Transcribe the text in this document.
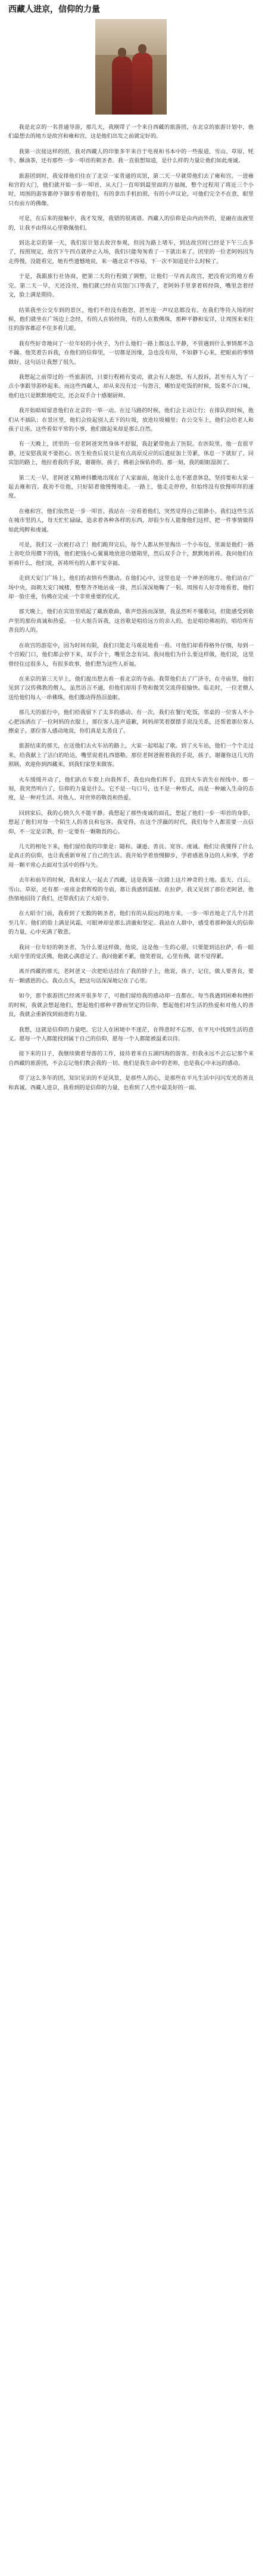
西藏人进京，信仰的力量

我是北京的一名普通导游，那几天，我刚带了一个来自西藏的旅游团，在北京的旅游计划中，他们最想去的地方是故宫和雍和宫，这是他们出发之前就定好的。

我第一次接这样的团，我对西藏人的印象多半来自于电视和书本中的一些报道，雪山、草原、牦牛、酥油茶，还有那些一步一叩首的朝圣者。我一直很想知道，是什么样的力量让他们如此虔诚。

旅游团到时，我安排他们住在了北京一家普通的宾馆，第二天一早就带他们去了雍和宫。一进雍和宫的大门，他们就开始一步一叩首，从大门一直叩到最里面的万福阁，整个过程用了将近三个小时，周围的游客都停下脚步看着他们，有的拿出手机拍照，有的小声议论，可他们完全不在意，眼里只有前方的佛像。

可是，在后来的接触中，我才发现，我错的很离谱。西藏人的信仰是由内而外的，是融在血液里的，让我不由得从心里敬佩他们。

到达北京的第一天，我们原计划去故宫参观，但因为路上堵车，到达故宫时已经是下午三点多了，按照规定，故宫下午四点就停止入场，我们只能匆匆看了一下就出来了。团里的一位老阿妈因为走得慢，没能看完，她有些遗憾地说，来一趟北京不容易，下一次不知道是什么时候了。

于是，我跟旅行社协商，把第二天的行程做了调整，让他们一早再去故宫，把没看完的地方看完。第二天一早，天还没亮，他们就已经在宾馆门口等我了，老阿妈手里拿着转经筒，嘴里念着经文，脸上满是期待。

结果我坐公交车到的景区，他们不但没有抱怨，甚至连一声叹息都没有。在我们等待入场的时候，他们就坐在广场边上念经，有的人在转经筒，有的人在数佛珠，那种平静和安详，让周围来来往往的游客都忍不住多看几眼。

我有些好奇地问了一位年轻的小伙子，为什么他们一路上都这么平静，不管遇到什么事情都不急不躁。他笑着告诉我，在他们的信仰里，一切都是因缘，急也没有用，不如静下心来，把眼前的事情做好。这句话让我想了很久。

我想起之前带过的一些旅游团，只要行程稍有变动，就会有人抱怨，有人投诉，甚至有人为了一点小事跟导游吵起来。而这些西藏人，却从来没有过一句怨言，哪怕是吃饭的时候，饭菜不合口味，他们也只是默默地吃完，还会双手合十感谢厨师。

我开始暗暗留意他们在北京的一举一动。在过马路的时候，他们会主动让行；在排队的时候，他们从不插队；在景区里，他们会捡起别人丢下的垃圾，放进垃圾桶里；在公交车上，他们会给老人和孩子让座。这些看似平常的小事，他们做起来却是那么自然。

有一天晚上，团里的一位老阿爸突然身体不舒服，我赶紧带他去了医院。在医院里，他一直很平静，还安慰我说不要担心。医生检查后说只是有点高原反应的后遗症加上劳累，休息一下就好了。回宾馆的路上，他拉着我的手说，谢谢你，孩子，佛祖会保佑你的。那一刻，我的眼眶湿润了。

第二天一早，老阿爸又精神抖擞地出现在了大家面前，他说什么也不愿意休息，坚持要和大家一起去雍和宫。我劝不住他，只好陪着他慢慢地走。一路上，他走走停停，但始终没有放慢叩拜的速度。

在雍和宫，他们依然是一步一叩首。我站在一旁看着他们，突然觉得自己很渺小。我们这些生活在城市里的人，每天忙忙碌碌，追求着各种各样的东西，却很少有人能像他们这样，把一件事情做得如此纯粹和虔诚。

可是，我们又一次被打动了！他们跪拜完后，每个人都从怀里掏出一个小布包，里面是他们一路上省吃俭用攒下的钱，他们把钱小心翼翼地放进功德箱里，然后双手合十，默默地祈祷。我问他们在祈祷什么，他们说，祈祷所有的人都平安幸福。

走到天安门广场上，他们的表情有些激动。在他们心中，这里也是一个神圣的地方。他们站在广场中央，面朝天安门城楼，整整齐齐地站成一排，然后深深地鞠了一躬。周围有人好奇地看着，他们却一脸庄重，仿佛在完成一个非常重要的仪式。

那天晚上，他们在宾馆里唱起了藏族歌曲，歌声悠扬而深情，我虽然听不懂歌词，但能感受到歌声里的那份真诚和热爱。一位大姐告诉我，这首歌是唱给远方的亲人的，也是唱给佛祖的，唱给所有善良的人的。

在故宫的游览中，因为时间有限，我们只能走马观花地看一看。可他们却看得格外仔细，每到一个宫殿门口，他们都会停下来，双手合十，嘴里念念有词。我问他们为什么要这样做，他们说，这里曾经住过很多人，有很多故事，他们想为这些人祈福。

在来京的第三天早上，他们提出想去看一看北京的寺庙。我带他们去了广济寺，在寺庙里，他们见到了汉传佛教的僧人，虽然语言不通，但他们却用手势和微笑交流得很愉快。临走时，一位老僧人送给他们每人一串佛珠，他们激动得热泪盈眶。

那几天的旅行中，他们给我留下了太多的感动。有一次，我们在餐厅吃饭，邻桌的一位客人不小心把汤洒在了一位阿妈的衣服上，那位客人连声道歉，阿妈却笑着摆摆手说没关系，还帮着那位客人擦桌子。那位客人感动地说，你们真是太善良了。

旅游结束的那天，在送他们去火车站的路上，大家一起唱起了歌。到了火车站，他们一个个走过来，给我献上了洁白的哈达，嘴里说着扎西德勒。那位老阿爸握着我的手说，孩子，谢谢你这几天的照顾，欢迎你到西藏来，到我们家里来做客。

火车缓缓开动了，他们趴在车窗上向我挥手，我也向他们挥手，直到火车消失在视线中。那一刻，我突然明白了，信仰的力量是什么。它不是一句口号，也不是一种形式，而是一种融入生命的态度，是一种对生活、对他人、对世界的敬畏和热爱。

回到家后，我的心情久久不能平静。我想起了那些虔诚的面孔，想起了他们一步一叩首的身影，想起了他们对每一个陌生人的善良和包容。我觉得，在这个浮躁的时代，我们每个人都需要一点信仰，不一定是宗教，但一定要有一颗敬畏的心。

几天的相处下来，他们留给我的印象是：随和、谦逊、善良、宽容、虔诚。他们让我懂得了什么是真正的信仰，也让我重新审视了自己的生活。我开始学着放慢脚步，学着感恩身边的人和事，学着用一颗平常心去面对生活中的得与失。

去年和前年的时候，我和家人一起去了西藏，这是我第一次踏上这片神奇的土地。蓝天、白云、雪山、草原，还有那一座座金碧辉煌的寺庙，都让我感到震撼。在拉萨，我又见到了那位老阿爸，他热情地招待了我们，还带我们去了大昭寺。

在大昭寺门前，我看到了无数的朝圣者，他们有的从很远的地方来，一步一叩首地走了几个月甚至几年。他们的脸上满是风霜，可眼神却是那么清澈和坚定。我站在人群中，感受着那种强大的信仰的力量，心中充满了敬意。

我问一位年轻的朝圣者，为什么要这样做，他说，这是他一生的心愿，只要能到达拉萨，看一眼大昭寺里的觉沃佛，他就心满意足了。我问他累不累，他笑着说，心里有佛，就不觉得累。

离开西藏的那天，老阿爸又一次把哈达挂在了我的脖子上，他说，孩子，记住，做人要善良，要有一颗感恩的心。我点点头，把这句话深深地记在了心里。

如今，那个旅游团已经离开很多年了，可他们留给我的感动却一直都在。每当我遇到困难和挫折的时候，我就会想起他们，想起他们那种平静而坚定的信仰，想起他们对生活的热爱和对他人的善良，我就会重新找到前进的力量。

我想，这就是信仰的力量吧。它让人在困境中不迷茫，在得意时不忘形，在平凡中找到生活的意义。愿每一个人都能找到属于自己的信仰，愿每一个人都能被温柔以待。

接下来的日子，我继续做着导游的工作，接待着来自五湖四海的游客。但我永远不会忘记那个来自西藏的旅游团，不会忘记他们教会我的一切。他们是我生命中的老师，也是我心中永远的感动。

带了这么多年的团，知识见识的不是风景，是那些人的心，是那些在平凡生活中闪闪发光的善良和真诚。西藏人进京，我看到的是信仰的力量，也看到了人性中最美好的一面。
